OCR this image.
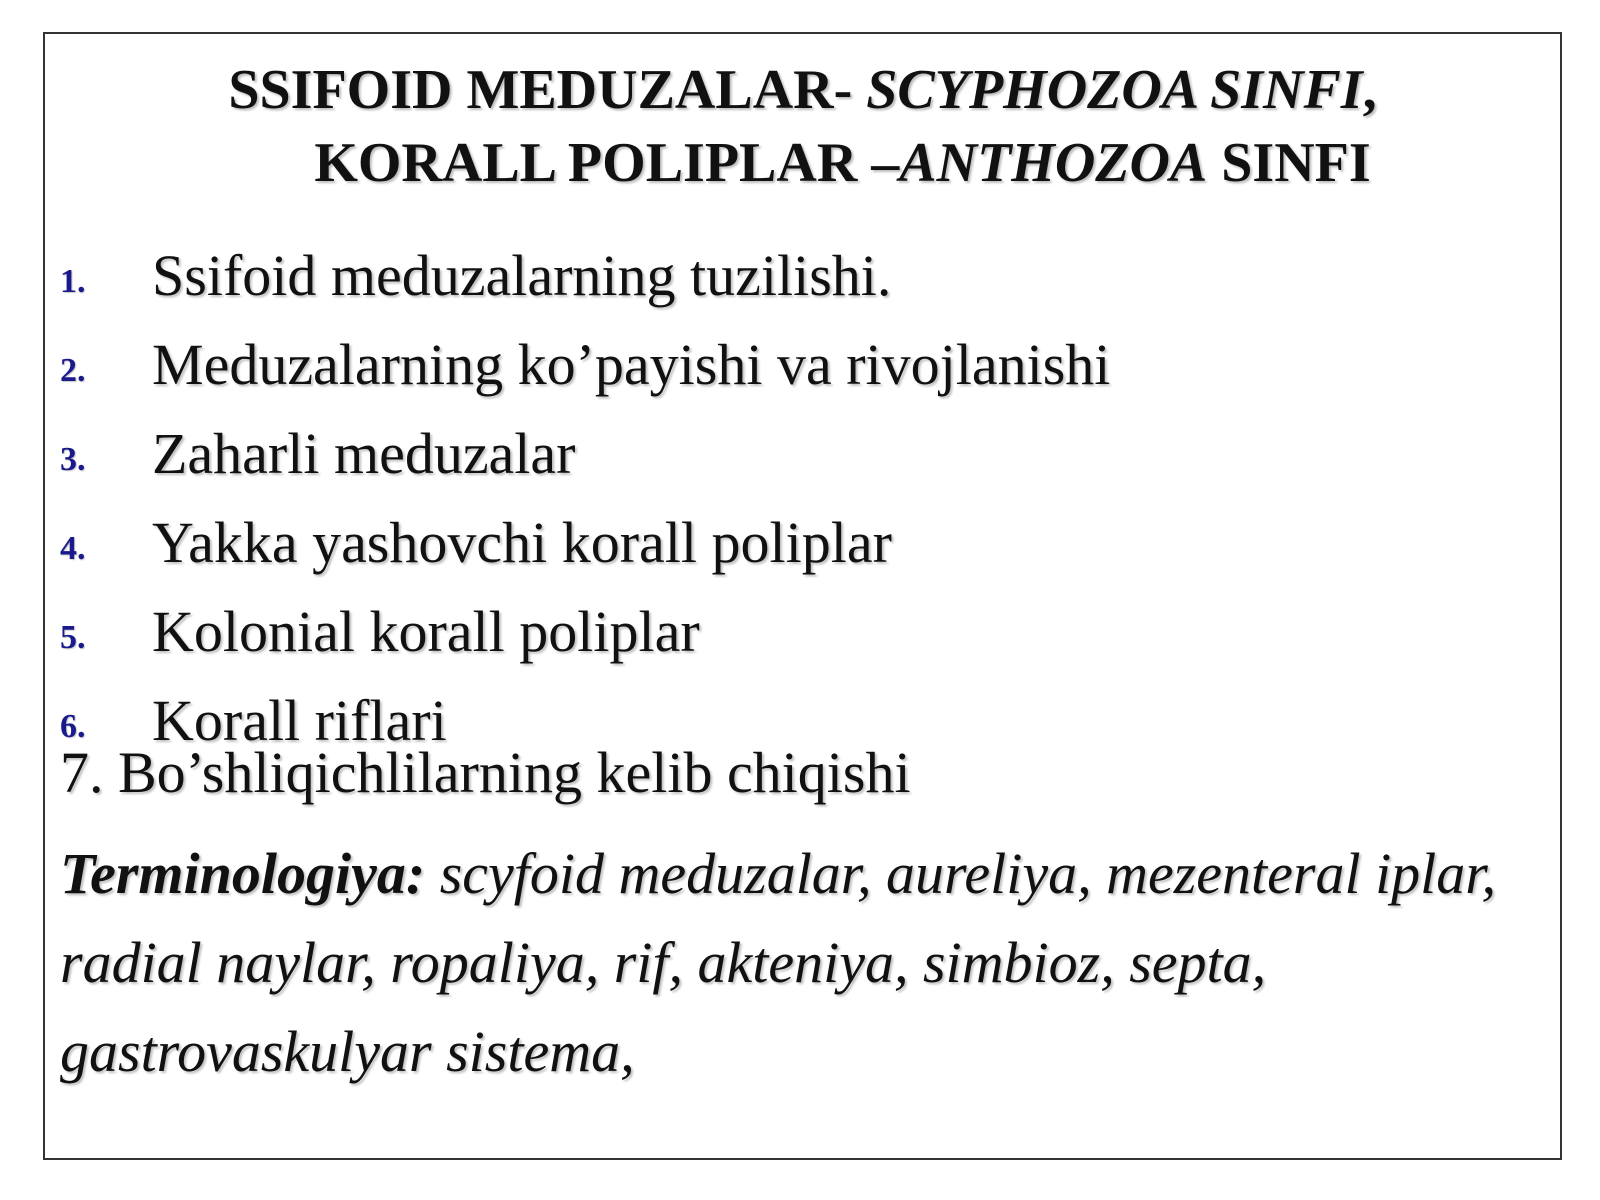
SSIFOID MEDUZALAR- SCYPHOZOA SINFI,
KORALL POLIPLAR –ANTHOZOA SINFI
1. Ssifoid meduzalarning tuzilishi.
2. Meduzalarning ko’payishi va rivojlanishi
3. Zaharli meduzalar
4. Yakka yashovchi korall poliplar
5. Kolonial korall poliplar
6. Korall riflari
7. Bo’shliqichlilarning kelib chiqishi
Terminologiya: scyfoid meduzalar, aureliya, mezenteral iplar, radial naylar, ropaliya, rif, akteniya, simbioz, septa, gastrovaskulyar sistema,
